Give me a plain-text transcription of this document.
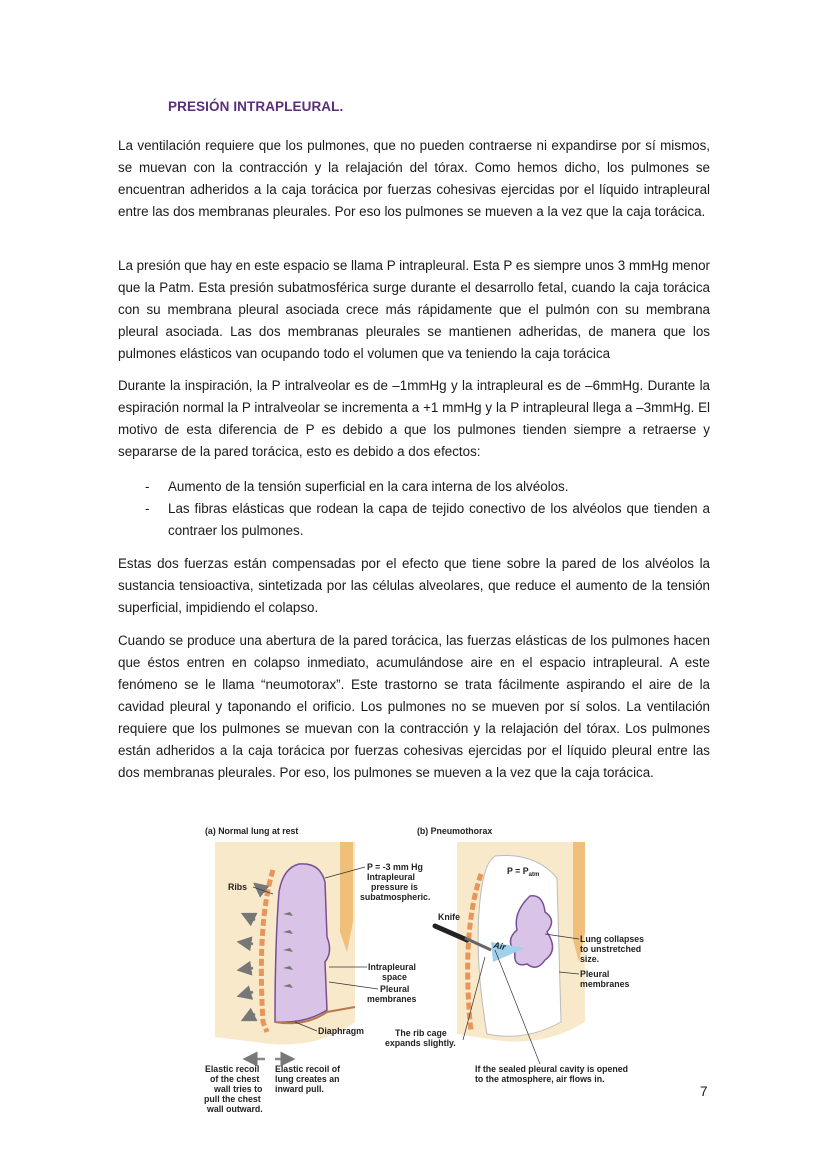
PRESIÓN INTRAPLEURAL.

La ventilación requiere que los pulmones, que no pueden contraerse ni expandirse por sí mismos, se muevan con la contracción y la relajación del tórax. Como hemos dicho, los pulmones se encuentran adheridos a la caja torácica por fuerzas cohesivas ejercidas por el líquido intrapleural entre las dos membranas pleurales. Por eso los pulmones se mueven a la vez que la caja torácica.

La presión que hay en este espacio se llama P intrapleural. Esta P es siempre unos 3 mmHg menor que la Patm. Esta presión subatmosférica surge durante el desarrollo fetal, cuando la caja torácica con su membrana pleural asociada crece más rápidamente que el pulmón con su membrana pleural asociada. Las dos membranas pleurales se mantienen adheridas, de manera que los pulmones elásticos van ocupando todo el volumen que va teniendo la caja torácica

Durante la inspiración, la P intralveolar es de –1mmHg y la intrapleural es de –6mmHg. Durante la espiración normal la P intralveolar se incrementa a +1 mmHg y la P intrapleural llega a –3mmHg. El motivo de esta diferencia de P es debido a que los pulmones tienden siempre a retraerse y separarse de la pared torácica, esto es debido a dos efectos:

- Aumento de la tensión superficial en la cara interna de los alvéolos.
- Las fibras elásticas que rodean la capa de tejido conectivo de los alvéolos que tienden a contraer los pulmones.

Estas dos fuerzas están compensadas por el efecto que tiene sobre la pared de los alvéolos la sustancia tensioactiva, sintetizada por las células alveolares, que reduce el aumento de la tensión superficial, impidiendo el colapso.

Cuando se produce una abertura de la pared torácica, las fuerzas elásticas de los pulmones hacen que éstos entren en colapso inmediato, acumulándose aire en el espacio intrapleural. A este fenómeno se le llama “neumotorax”. Este trastorno se trata fácilmente aspirando el aire de la cavidad pleural y taponando el orificio. Los pulmones no se mueven por sí solos. La ventilación requiere que los pulmones se muevan con la contracción y la relajación del tórax. Los pulmones están adheridos a la caja torácica por fuerzas cohesivas ejercidas por el líquido pleural entre las dos membranas pleurales. Por eso, los pulmones se mueven a la vez que la caja torácica.

(a) Normal lung at rest	(b) Pneumothorax
Ribs
P = -3 mm Hg
Intrapleural
pressure is
subatmospheric.
Intrapleural
space
Pleural
membranes
Diaphragm
Elastic recoil
of the chest
wall tries to
pull the chest
wall outward.
Elastic recoil of
lung creates an
inward pull.
$P = P_{atm}$
Knife
Air
Lung collapses
to unstretched
size.
Pleural
membranes
The rib cage
expands slightly.
If the sealed pleural cavity is opened
to the atmosphere, air flows in.
7
